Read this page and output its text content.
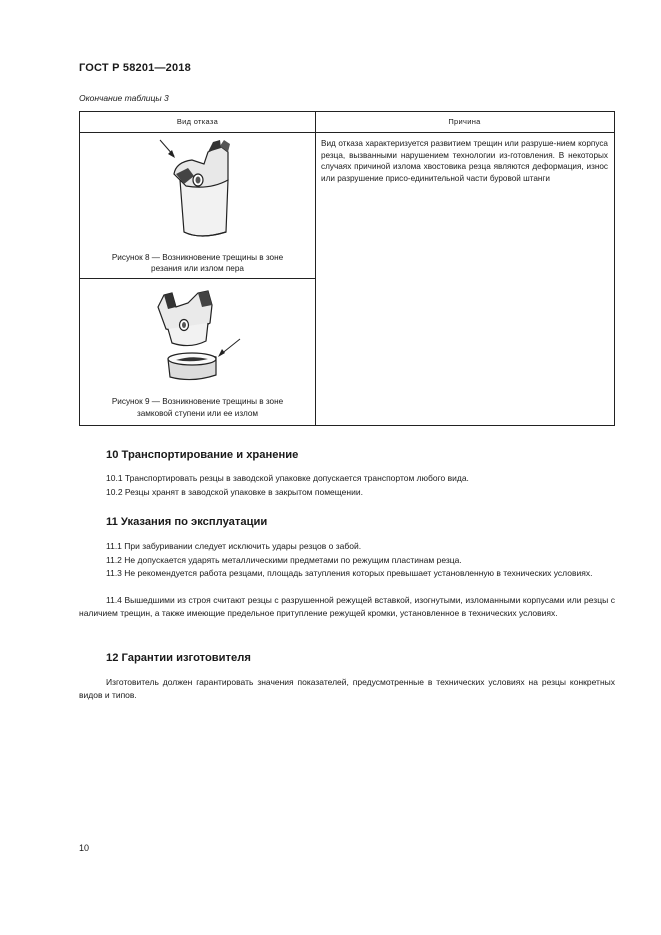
ГОСТ Р 58201—2018
Окончание таблицы 3
Вид отказа	Причина
Рисунок 8 — Возникновение трещины в зоне
резания или излом пера
Рисунок 9 — Возникновение трещины в зоне
замковой ступени или ее излом
Вид отказа характеризуется развитием трещин или разруше-нием корпуса резца, вызванными нарушением технологии из-готовления. В некоторых случаях причиной излома хвостовика резца являются деформация, износ или разрушение присо-единительной части буровой штанги
10 Транспортирование и хранение
10.1 Транспортировать резцы в заводской упаковке допускается транспортом любого вида.
10.2 Резцы хранят в заводской упаковке в закрытом помещении.
11 Указания по эксплуатации
11.1 При забуривании следует исключить удары резцов о забой.
11.2 Не допускается ударять металлическими предметами по режущим пластинам резца.
11.3 Не рекомендуется работа резцами, площадь затупления которых превышает установленную в технических условиях.
11.4 Вышедшими из строя считают резцы с разрушенной режущей вставкой, изогнутыми, изломанными корпусами или резцы с наличием трещин, а также имеющие предельное притупление режущей кромки, установленное в технических условиях.
12 Гарантии изготовителя
Изготовитель должен гарантировать значения показателей, предусмотренные в технических условиях на резцы конкретных видов и типов.
10
